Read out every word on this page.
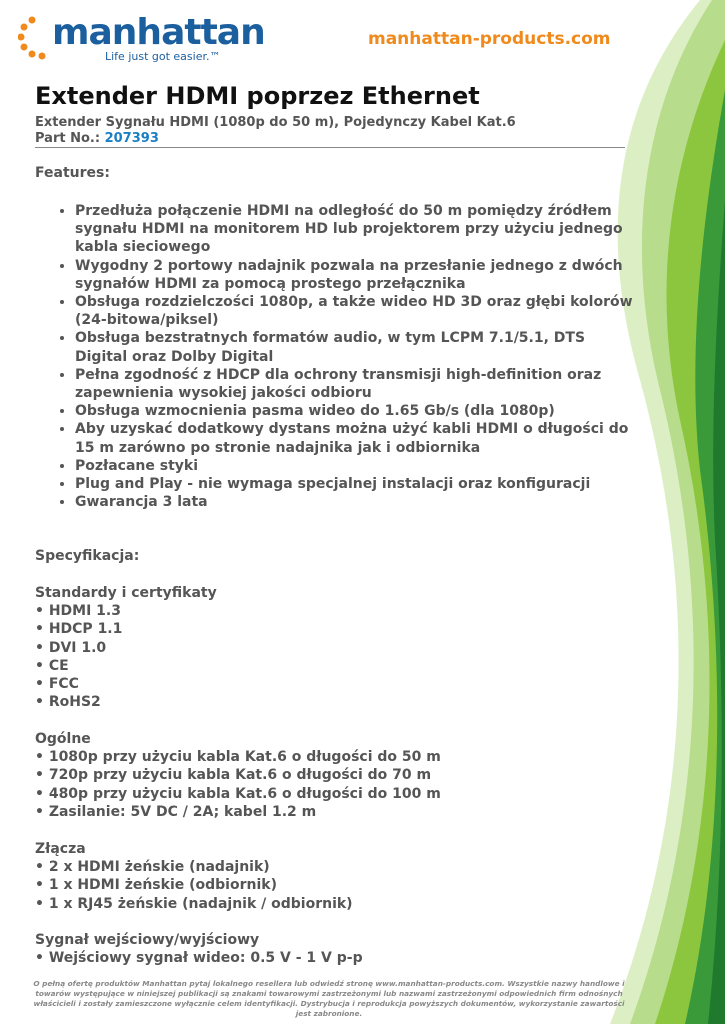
manhattan
Life just got easier.™
manhattan-products.com
Extender HDMI poprzez Ethernet
Extender Sygnału HDMI (1080p do 50 m), Pojedynczy Kabel Kat.6
Part No.: 207393
Features:
• Przedłuża połączenie HDMI na odległość do 50 m pomiędzy źródłem sygnału HDMI na monitorem HD lub projektorem przy użyciu jednego kabla sieciowego
• Wygodny 2 portowy nadajnik pozwala na przesłanie jednego z dwóch sygnałów HDMI za pomocą prostego przełącznika
• Obsługa rozdzielczości 1080p, a także wideo HD 3D oraz głębi kolorów (24-bitowa/piksel)
• Obsługa bezstratnych formatów audio, w tym LCPM 7.1/5.1, DTS Digital oraz Dolby Digital
• Pełna zgodność z HDCP dla ochrony transmisji high-definition oraz zapewnienia wysokiej jakości odbioru
• Obsługa wzmocnienia pasma wideo do 1.65 Gb/s (dla 1080p)
• Aby uzyskać dodatkowy dystans można użyć kabli HDMI o długości do 15 m zarówno po stronie nadajnika jak i odbiornika
• Pozłacane styki
• Plug and Play - nie wymaga specjalnej instalacji oraz konfiguracji
• Gwarancja 3 lata
Specyfikacja:
Standardy i certyfikaty
• HDMI 1.3
• HDCP 1.1
• DVI 1.0
• CE
• FCC
• RoHS2
Ogólne
• 1080p przy użyciu kabla Kat.6 o długości do 50 m
• 720p przy użyciu kabla Kat.6 o długości do 70 m
• 480p przy użyciu kabla Kat.6 o długości do 100 m
• Zasilanie: 5V DC / 2A; kabel 1.2 m
Złącza
• 2 x HDMI żeńskie (nadajnik)
• 1 x HDMI żeńskie (odbiornik)
• 1 x RJ45 żeńskie (nadajnik / odbiornik)
Sygnał wejściowy/wyjściowy
• Wejściowy sygnał wideo: 0.5 V - 1 V p-p
O pełną ofertę produktów Manhattan pytaj lokalnego resellera lub odwiedź stronę www.manhattan-products.com. Wszystkie nazwy handlowe i towarów występujące w niniejszej publikacji są znakami towarowymi zastrzeżonymi lub nazwami zastrzeżonymi odpowiednich firm odnośnych właścicieli i zostały zamieszczone wyłącznie celem identyfikacji. Dystrybucja i reprodukcja powyższych dokumentów, wykorzystanie zawartości jest zabronione.
